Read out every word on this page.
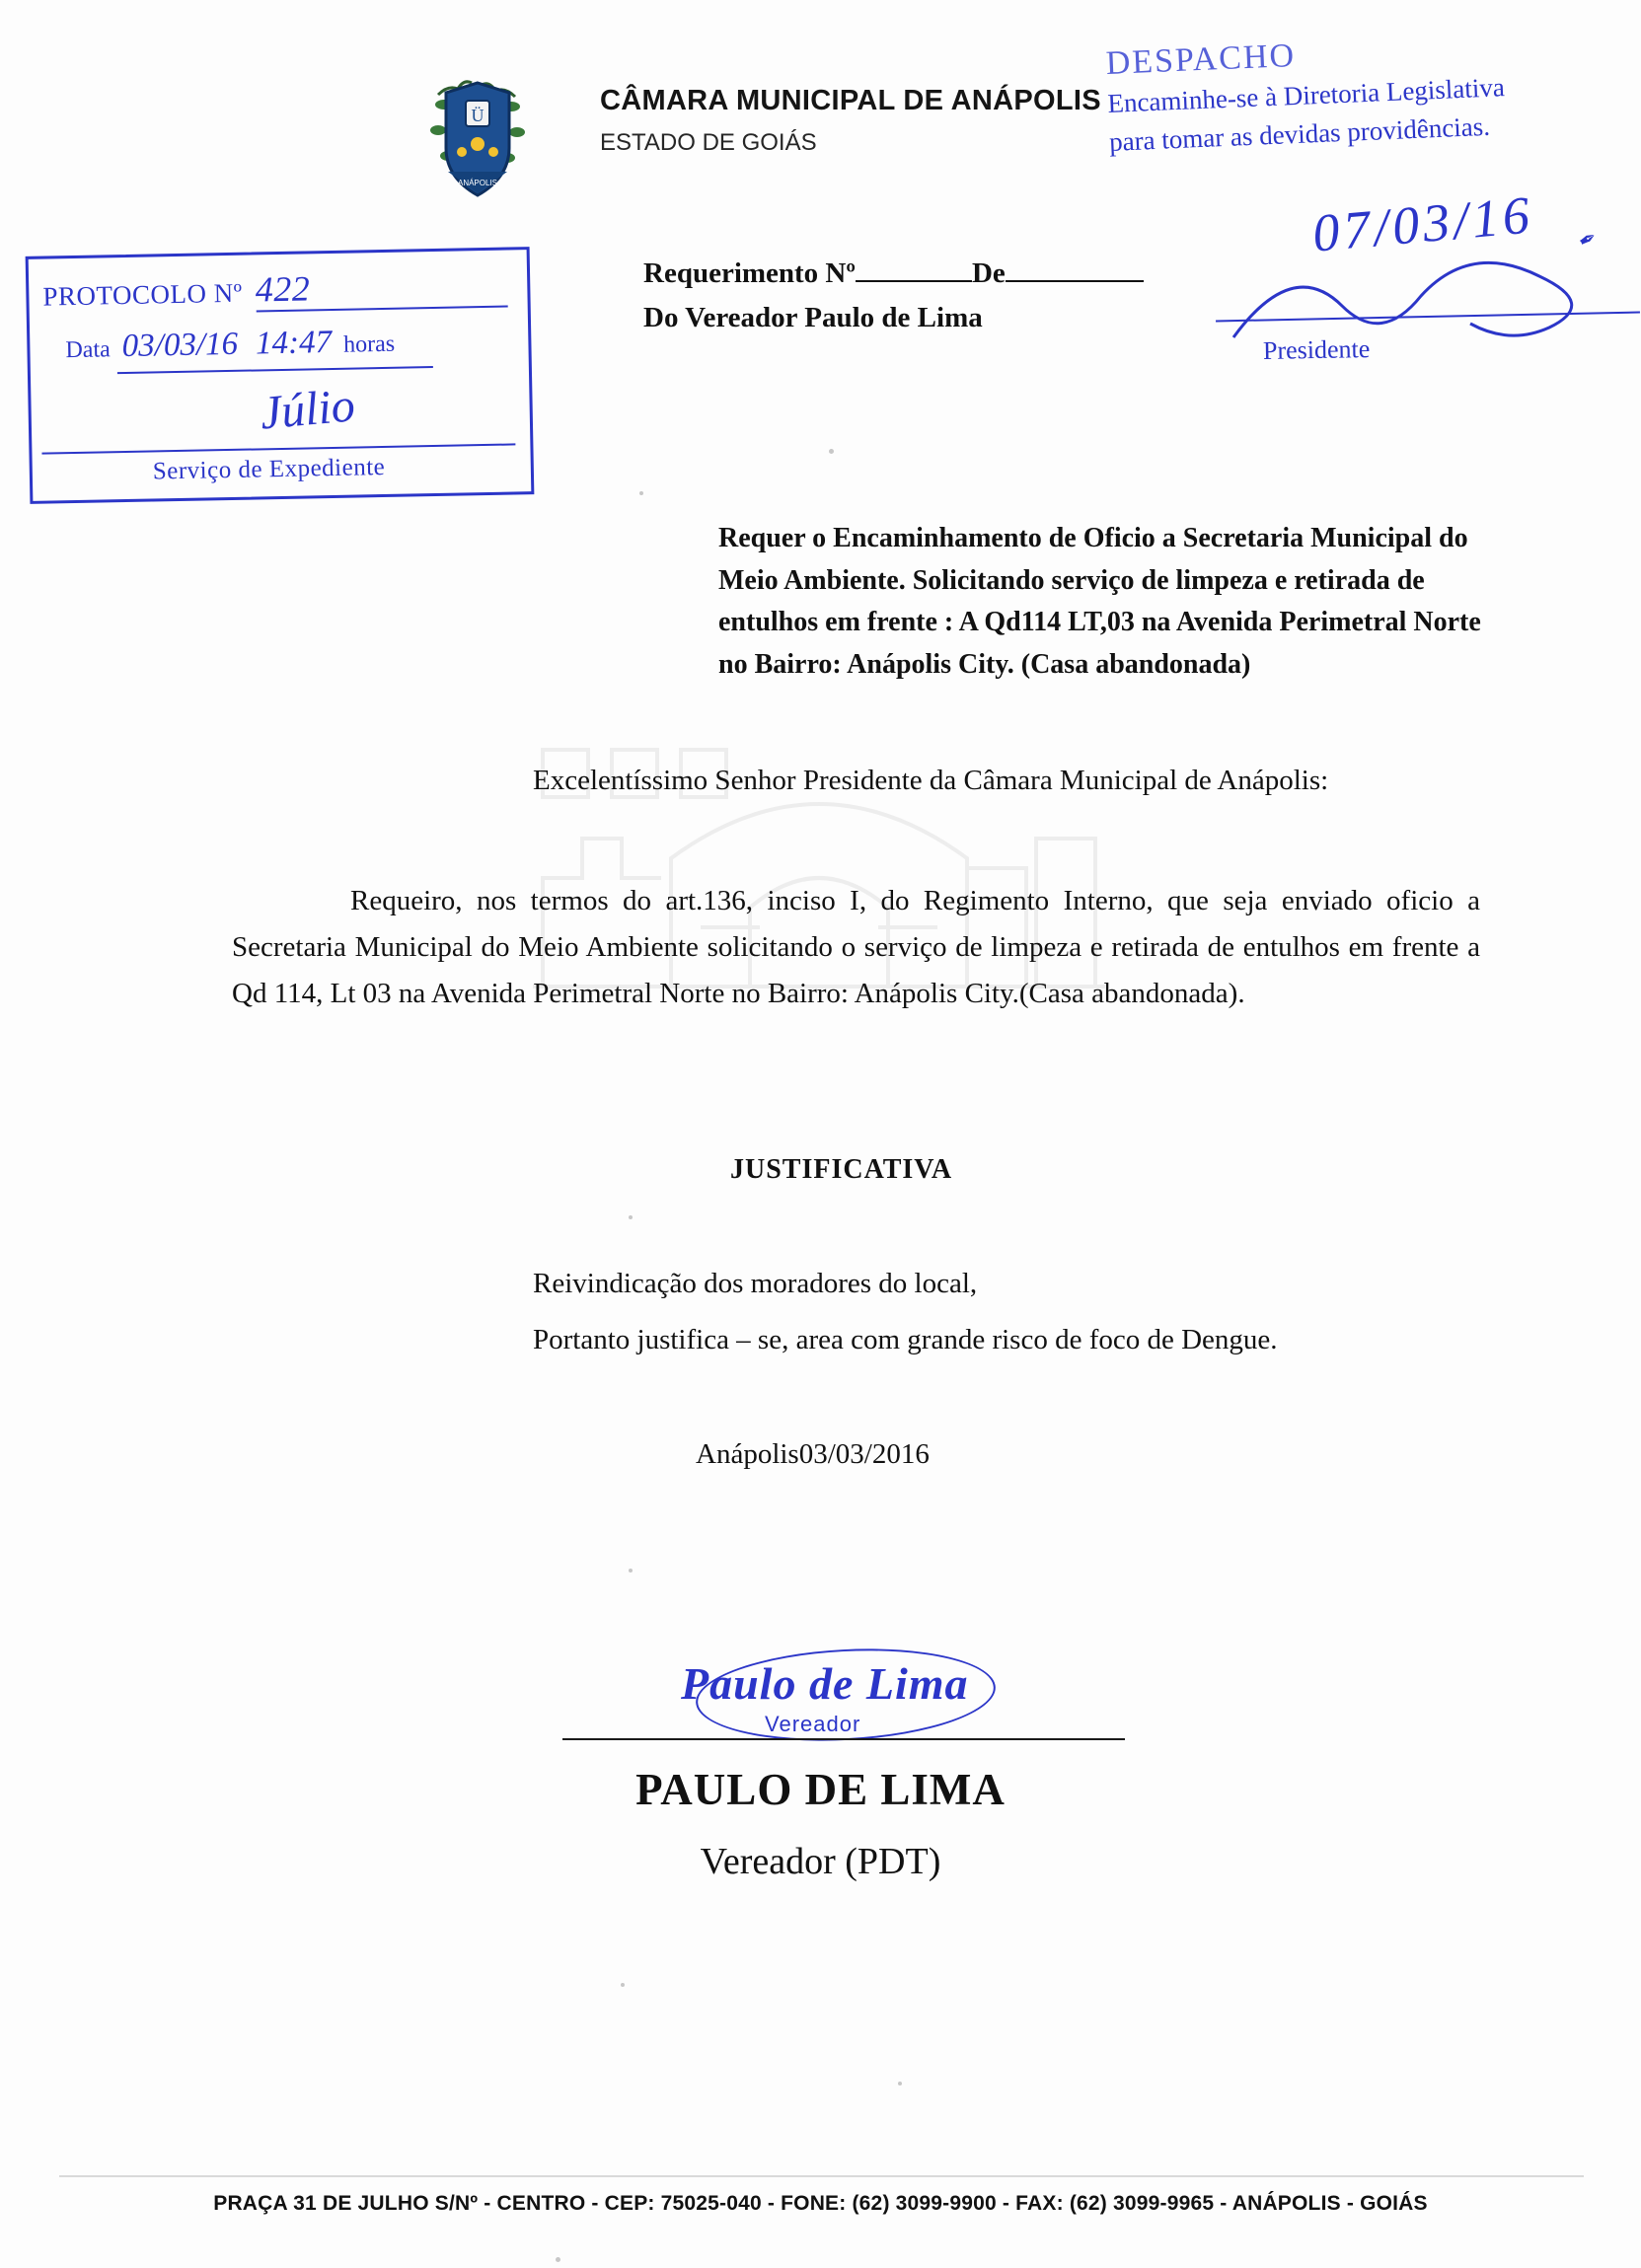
Ü
ANÁPOLIS
CÂMARA MUNICIPAL DE ANÁPOLIS
ESTADO DE GOIÁS
DESPACHO
Encaminhe-se à Diretoria Legislativa
para tomar as devidas providências.
07/03/16
Presidente
✒
PROTOCOLO Nº 422
Data 03/03/16 14:47 horas
Júlio
Serviço de Expediente
Requerimento Nº	De
Do Vereador Paulo de Lima
Requer o Encaminhamento de Oficio a Secretaria Municipal do Meio Ambiente. Solicitando serviço de limpeza e retirada de entulhos em frente : A Qd114 LT,03 na Avenida Perimetral Norte no Bairro: Anápolis City. (Casa abandonada)
Excelentíssimo Senhor Presidente da Câmara Municipal de Anápolis:
Requeiro, nos termos do art.136, inciso I, do Regimento Interno, que seja enviado oficio a Secretaria Municipal do Meio Ambiente solicitando o serviço de limpeza e retirada de entulhos em frente a Qd 114, Lt 03 na Avenida Perimetral Norte no Bairro: Anápolis City.(Casa abandonada).
JUSTIFICATIVA
Reivindicação dos moradores do local,
Portanto justifica – se, area com grande risco de foco de Dengue.
Anápolis03/03/2016
Paulo de Lima
Vereador
PAULO DE LIMA
Vereador (PDT)
PRAÇA 31 DE JULHO S/Nº - CENTRO - CEP: 75025-040 - FONE: (62) 3099-9900 - FAX: (62) 3099-9965 - ANÁPOLIS - GOIÁS
